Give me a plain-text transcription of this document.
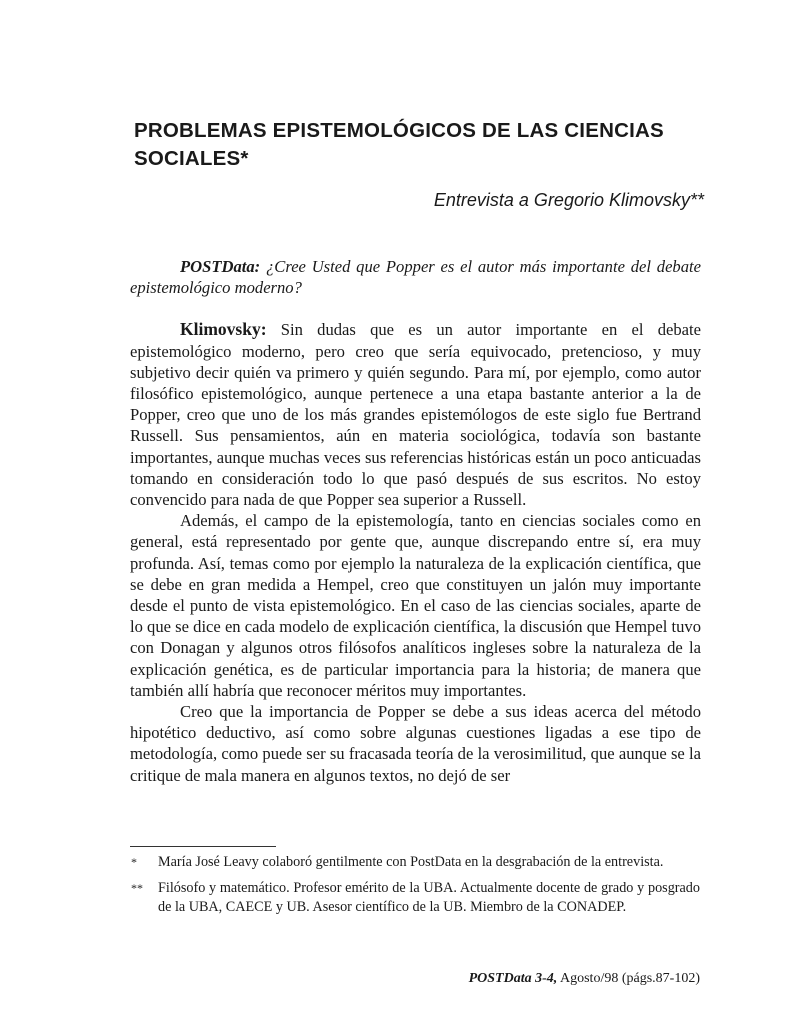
PROBLEMAS EPISTEMOLÓGICOS DE LAS CIENCIAS SOCIALES*
Entrevista a Gregorio Klimovsky**

POSTData: ¿Cree Usted que Popper es el autor más importante del debate epistemológico moderno?

Klimovsky: Sin dudas que es un autor importante en el debate epistemológico moderno, pero creo que sería equivocado, pretencioso, y muy subjetivo decir quién va primero y quién segundo. Para mí, por ejemplo, como autor filosófico epistemológico, aunque pertenece a una etapa bastante anterior a la de Popper, creo que uno de los más grandes epistemólogos de este siglo fue Bertrand Russell. Sus pensamientos, aún en materia sociológica, todavía son bastante importantes, aunque muchas veces sus referencias históricas están un poco anticuadas tomando en consideración todo lo que pasó después de sus escritos. No estoy convencido para nada de que Popper sea superior a Russell.

Además, el campo de la epistemología, tanto en ciencias sociales como en general, está representado por gente que, aunque discrepando entre sí, era muy profunda. Así, temas como por ejemplo la naturaleza de la explicación científica, que se debe en gran medida a Hempel, creo que constituyen un jalón muy importante desde el punto de vista epistemológico. En el caso de las ciencias sociales, aparte de lo que se dice en cada modelo de explicación científica, la discusión que Hempel tuvo con Donagan y algunos otros filósofos analíticos ingleses sobre la naturaleza de la explicación genética, es de particular importancia para la historia; de manera que también allí habría que reconocer méritos muy importantes.

Creo que la importancia de Popper se debe a sus ideas acerca del método hipotético deductivo, así como sobre algunas cuestiones ligadas a ese tipo de metodología, como puede ser su fracasada teoría de la verosimilitud, que aunque se la critique de mala manera en algunos textos, no dejó de ser

*	María José Leavy colaboró gentilmente con PostData en la desgrabación de la entrevista.
**	Filósofo y matemático. Profesor emérito de la UBA. Actualmente docente de grado y posgrado de la UBA, CAECE y UB. Asesor científico de la UB. Miembro de la CONADEP.
POSTData 3-4, Agosto/98 (págs.87-102)
